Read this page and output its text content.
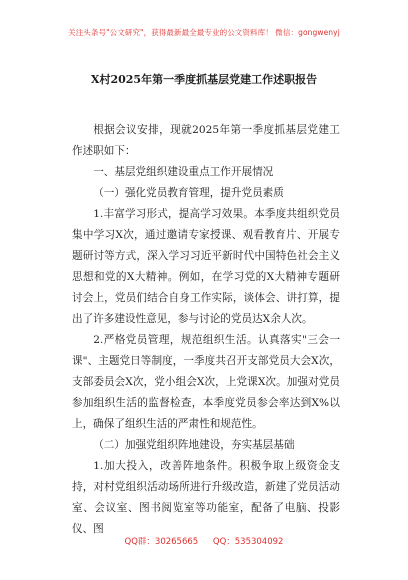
关注头条号"公文研究"，获得最新最全最专业的公文资料库！ 微信：gongwenyj
X村2025年第一季度抓基层党建工作述职报告

根据会议安排，现就2025年第一季度抓基层党建工作述职如下：

一、基层党组织建设重点工作开展情况

（一）强化党员教育管理，提升党员素质

1.丰富学习形式，提高学习效果。本季度共组织党员集中学习X次，通过邀请专家授课、观看教育片、开展专题研讨等方式，深入学习习近平新时代中国特色社会主义思想和党的X大精神。例如，在学习党的X大精神专题研讨会上，党员们结合自身工作实际，谈体会、讲打算，提出了许多建设性意见，参与讨论的党员达X余人次。

2.严格党员管理，规范组织生活。认真落实"三会一课"、主题党日等制度，一季度共召开支部党员大会X次，支部委员会X次，党小组会X次，上党课X次。加强对党员参加组织生活的监督检查，本季度党员参会率达到X%以上，确保了组织生活的严肃性和规范性。

（二）加强党组织阵地建设，夯实基层基础

1.加大投入，改善阵地条件。积极争取上级资金支持，对村党组织活动场所进行升级改造，新建了党员活动室、会议室、图书阅览室等功能室，配备了电脑、投影仪、图

QQ群：30265665 QQ：535304092
